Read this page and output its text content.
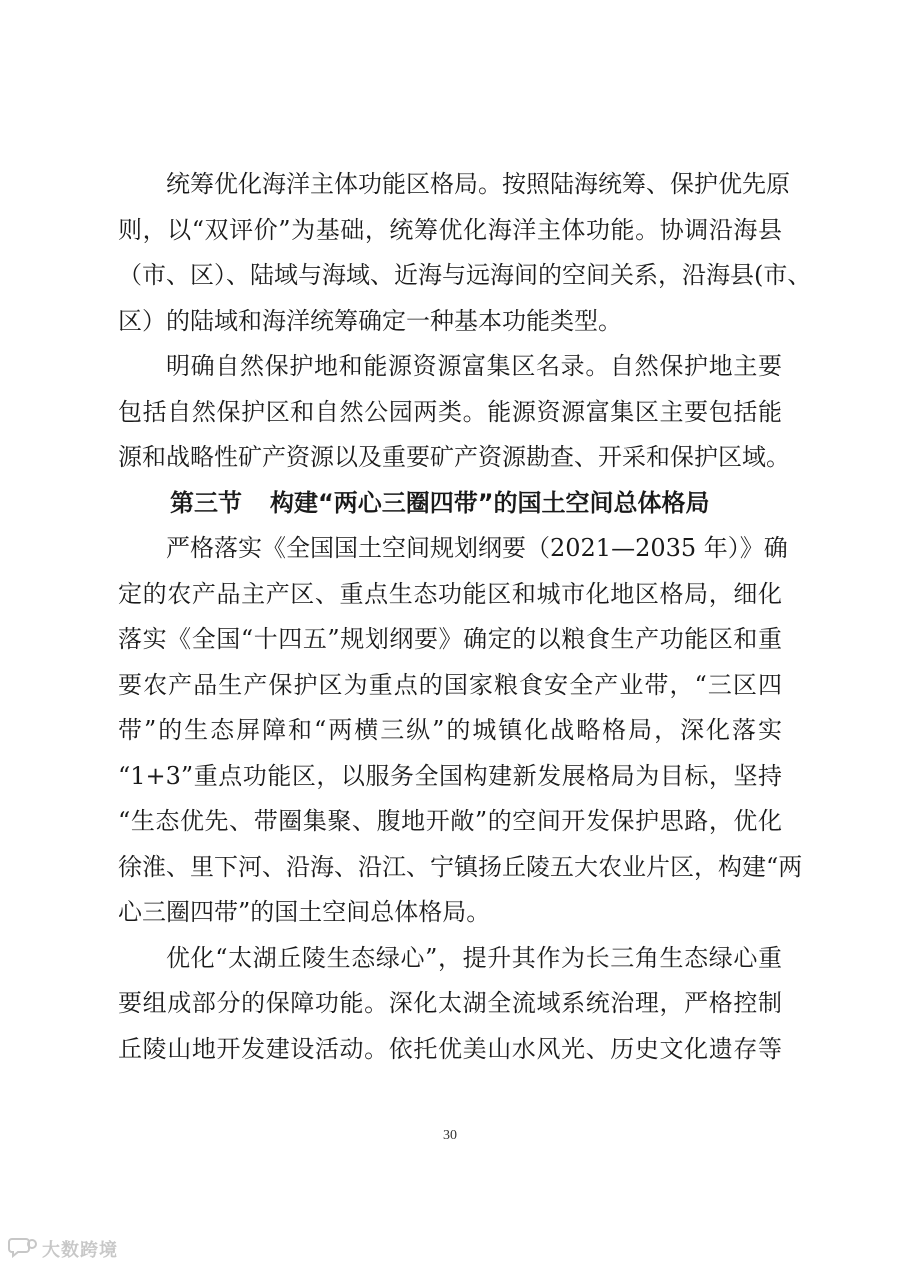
统筹优化海洋主体功能区格局。按照陆海统筹、保护优先原
则，以“双评价”为基础，统筹优化海洋主体功能。协调沿海县
（市、区）、陆域与海域、近海与远海间的空间关系，沿海县(市、
区）的陆域和海洋统筹确定一种基本功能类型。

明确自然保护地和能源资源富集区名录。自然保护地主要
包括自然保护区和自然公园两类。能源资源富集区主要包括能
源和战略性矿产资源以及重要矿产资源勘查、开采和保护区域。

第三节 构建“两心三圈四带”的国土空间总体格局

严格落实《全国国土空间规划纲要（2021—2035 年）》确
定的农产品主产区、重点生态功能区和城市化地区格局，细化
落实《全国“十四五”规划纲要》确定的以粮食生产功能区和重
要农产品生产保护区为重点的国家粮食安全产业带，“三区四
带”的生态屏障和“两横三纵”的城镇化战略格局，深化落实
“1+3”重点功能区，以服务全国构建新发展格局为目标，坚持
“生态优先、带圈集聚、腹地开敞”的空间开发保护思路，优化
徐淮、里下河、沿海、沿江、宁镇扬丘陵五大农业片区，构建“两
心三圈四带”的国土空间总体格局。

优化“太湖丘陵生态绿心”，提升其作为长三角生态绿心重
要组成部分的保障功能。深化太湖全流域系统治理，严格控制
丘陵山地开发建设活动。依托优美山水风光、历史文化遗存等

30
大数跨境
